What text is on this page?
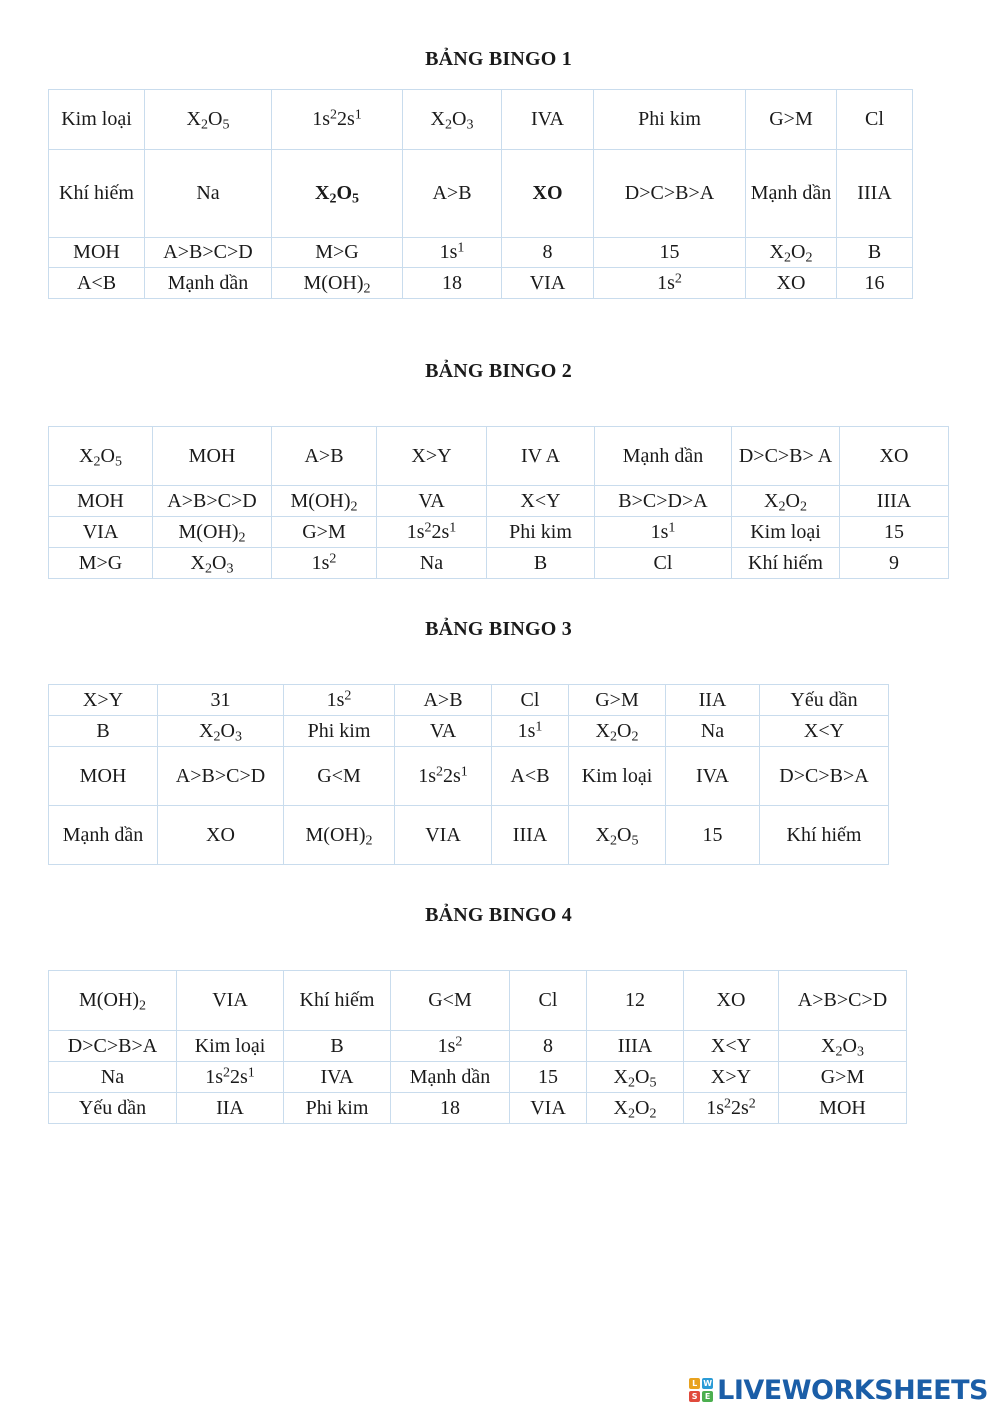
BẢNG BINGO 1
Kim loại	$X_2O_5$	$1s^22s^1$	$X_2O_3$	IVA	Phi kim	G>M	Cl
Khí hiếm	Na	$X_2O_5$	A>B	XO	D>C>B>A	Mạnh dần	IIIA
MOH	A>B>C>D	M>G	$1s^1$	8	15	$X_2O_2$	B
A<B	Mạnh dần	$M(OH)_2$	18	VIA	$1s^2$	XO	16
BẢNG BINGO 2
$X_2O_5$	MOH	A>B	X>Y	IV A	Mạnh dần	D>C>B> A	XO
MOH	A>B>C>D	$M(OH)_2$	VA	X<Y	B>C>D>A	$X_2O_2$	IIIA
VIA	$M(OH)_2$	G>M	$1s^22s^1$	Phi kim	$1s^1$	Kim loại	15
M>G	$X_2O_3$	$1s^2$	Na	B	Cl	Khí hiếm	9
BẢNG BINGO 3
X>Y	31	$1s^2$	A>B	Cl	G>M	IIA	Yếu dần
B	$X_2O_3$	Phi kim	VA	$1s^1$	$X_2O_2$	Na	X<Y
MOH	A>B>C>D	G<M	$1s^22s^1$	A<B	Kim loại	IVA	D>C>B>A
Mạnh dần	XO	$M(OH)_2$	VIA	IIIA	$X_2O_5$	15	Khí hiếm
BẢNG BINGO 4
$M(OH)_2$	VIA	Khí hiếm	G<M	Cl	12	XO	A>B>C>D
D>C>B>A	Kim loại	B	$1s^2$	8	IIIA	X<Y	$X_2O_3$
Na	$1s^22s^1$	IVA	Mạnh dần	15	$X_2O_5$	X>Y	G>M
Yếu dần	IIA	Phi kim	18	VIA	$X_2O_2$	$1s^22s^2$	MOH
L W
S E LIVEWORKSHEETS
